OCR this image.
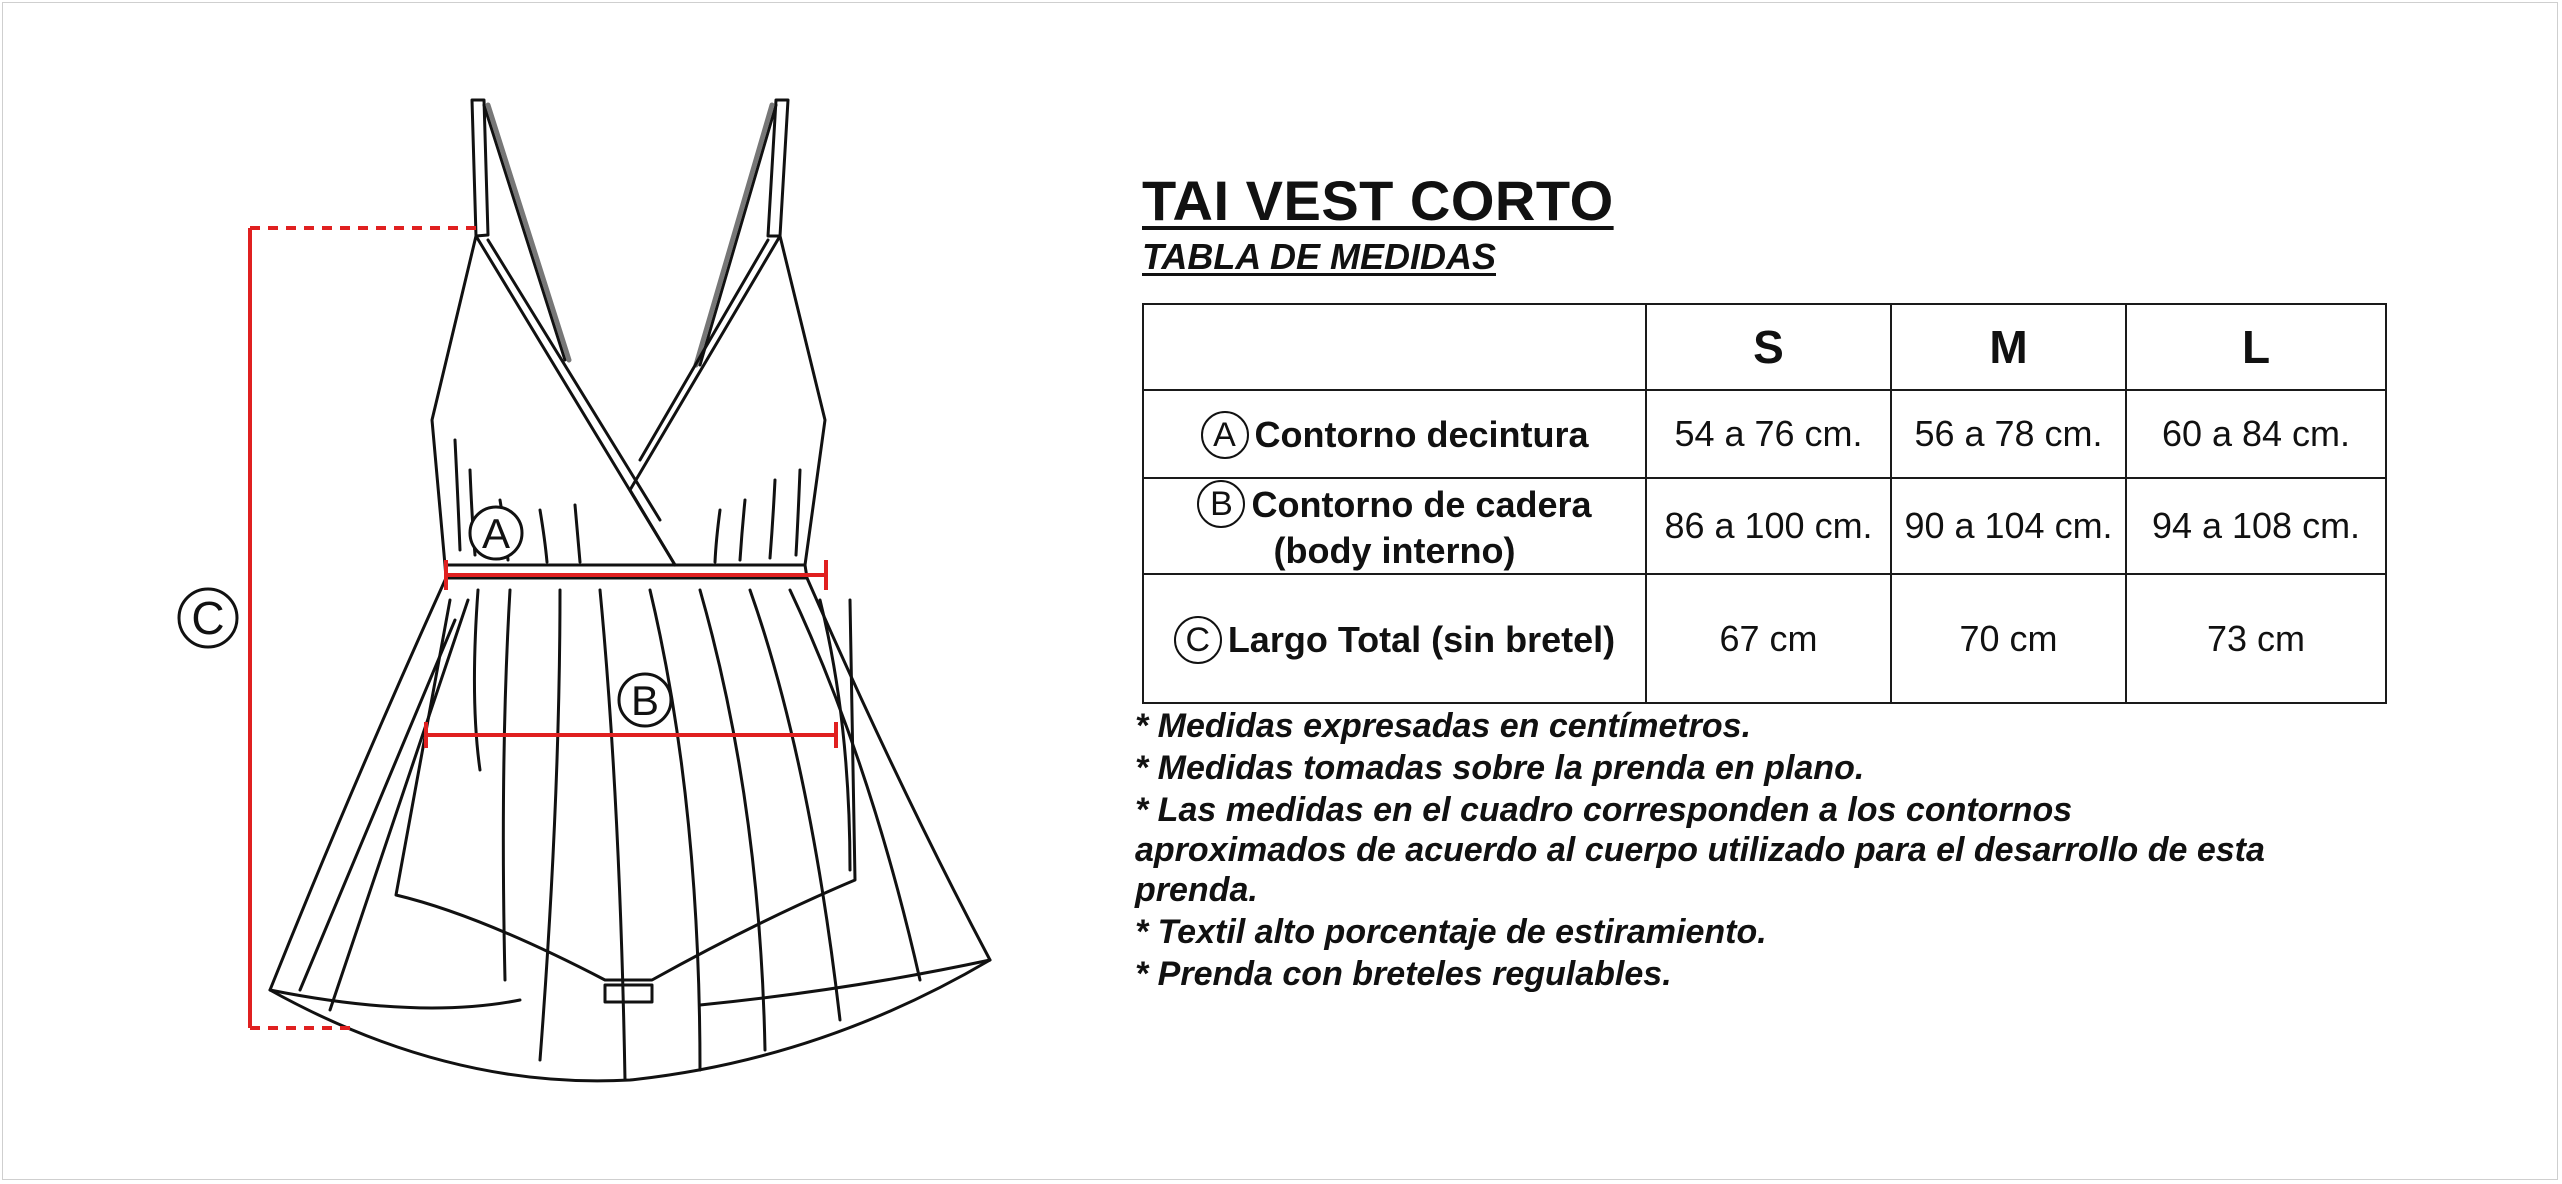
A
B
C
TAI VEST CORTO
TABLA DE MEDIDAS
	S	M	L
A Contorno decintura	54 a 76 cm.	56 a 78 cm.	60 a 84 cm.

B Contorno de cadera
(body interno)	86 a 100 cm.	90 a 104 cm.	94 a 108 cm.
C Largo Total (sin bretel)	67 cm	70 cm	73 cm
* Medidas expresadas en centímetros.
* Medidas tomadas sobre la prenda en plano.
* Las medidas en el cuadro corresponden a los contornos aproximados de acuerdo al cuerpo utilizado para el desarrollo de esta prenda.
* Textil alto porcentaje de estiramiento.
* Prenda con breteles regulables.
